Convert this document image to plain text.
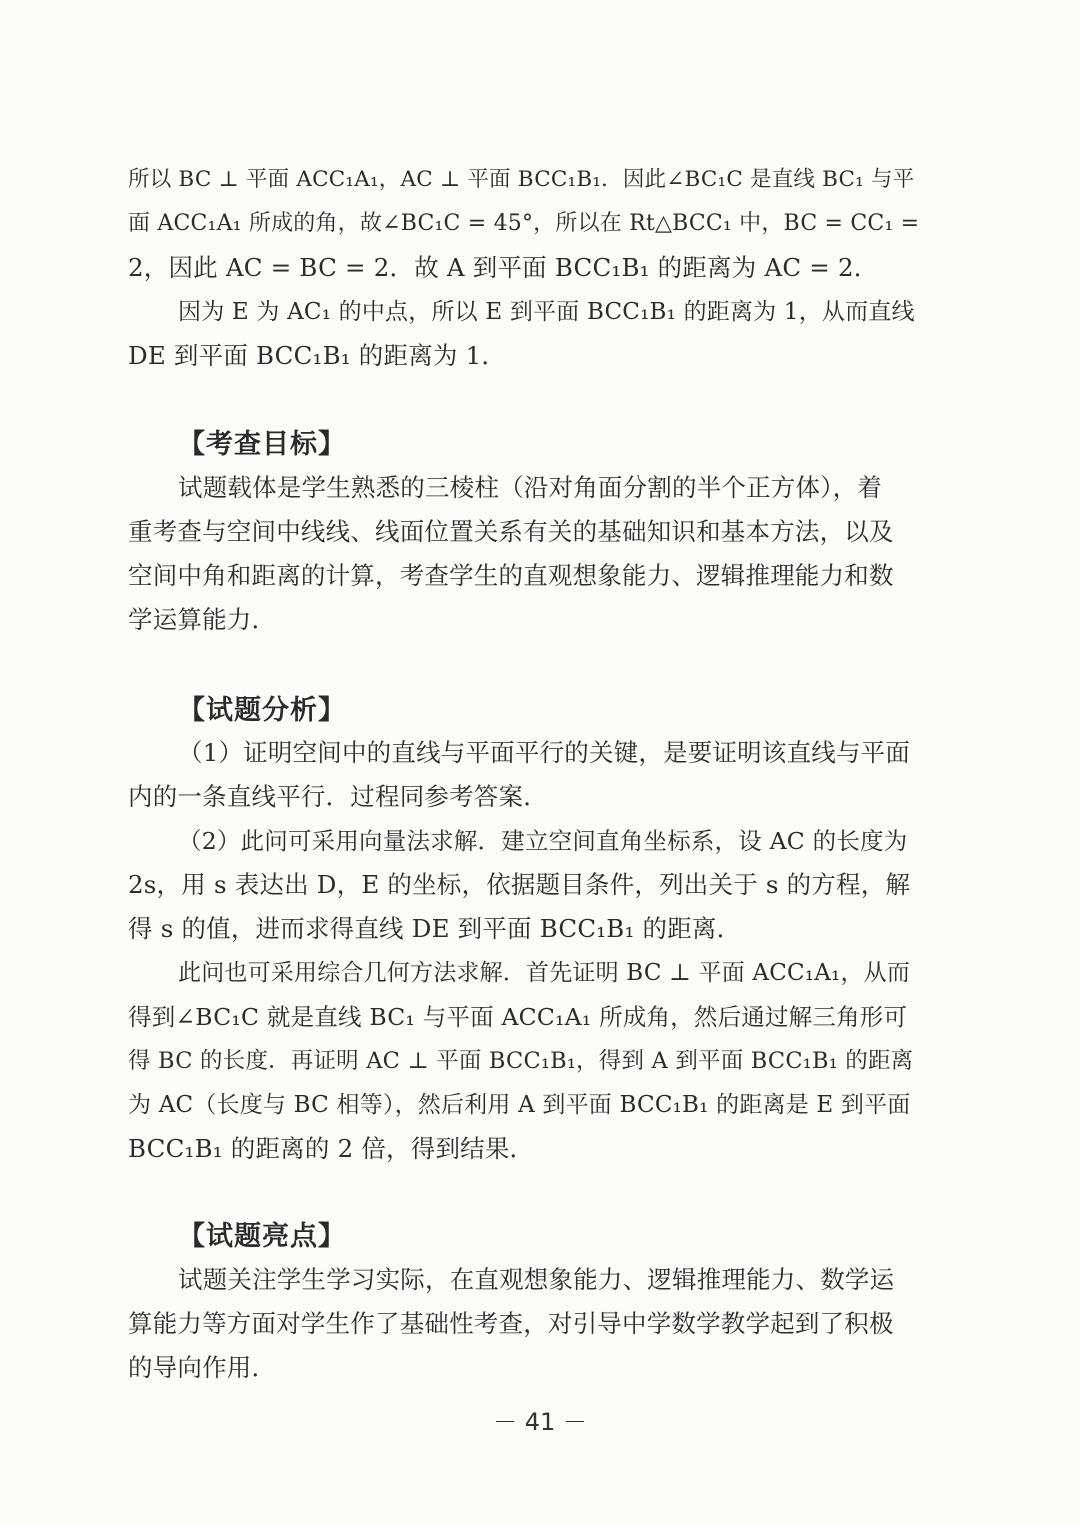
所以 BC ⊥ 平面 ACC₁A₁，AC ⊥ 平面 BCC₁B₁．因此∠BC₁C 是直线 BC₁ 与平
面 ACC₁A₁ 所成的角，故∠BC₁C = 45°，所以在 Rt△BCC₁ 中，BC = CC₁ =
2，因此 AC = BC = 2．故 A 到平面 BCC₁B₁ 的距离为 AC = 2．
因为 E 为 AC₁ 的中点，所以 E 到平面 BCC₁B₁ 的距离为 1，从而直线
DE 到平面 BCC₁B₁ 的距离为 1．
【考查目标】
试题载体是学生熟悉的三棱柱（沿对角面分割的半个正方体），着
重考查与空间中线线、线面位置关系有关的基础知识和基本方法，以及
空间中角和距离的计算，考查学生的直观想象能力、逻辑推理能力和数
学运算能力．
【试题分析】
（1）证明空间中的直线与平面平行的关键，是要证明该直线与平面
内的一条直线平行．过程同参考答案．
（2）此问可采用向量法求解．建立空间直角坐标系，设 AC 的长度为
2s，用 s 表达出 D，E 的坐标，依据题目条件，列出关于 s 的方程，解
得 s 的值，进而求得直线 DE 到平面 BCC₁B₁ 的距离．
此问也可采用综合几何方法求解．首先证明 BC ⊥ 平面 ACC₁A₁，从而
得到∠BC₁C 就是直线 BC₁ 与平面 ACC₁A₁ 所成角，然后通过解三角形可
得 BC 的长度．再证明 AC ⊥ 平面 BCC₁B₁，得到 A 到平面 BCC₁B₁ 的距离
为 AC（长度与 BC 相等），然后利用 A 到平面 BCC₁B₁ 的距离是 E 到平面
BCC₁B₁ 的距离的 2 倍，得到结果．
【试题亮点】
试题关注学生学习实际，在直观想象能力、逻辑推理能力、数学运
算能力等方面对学生作了基础性考查，对引导中学数学教学起到了积极
的导向作用．
－ 41 －
